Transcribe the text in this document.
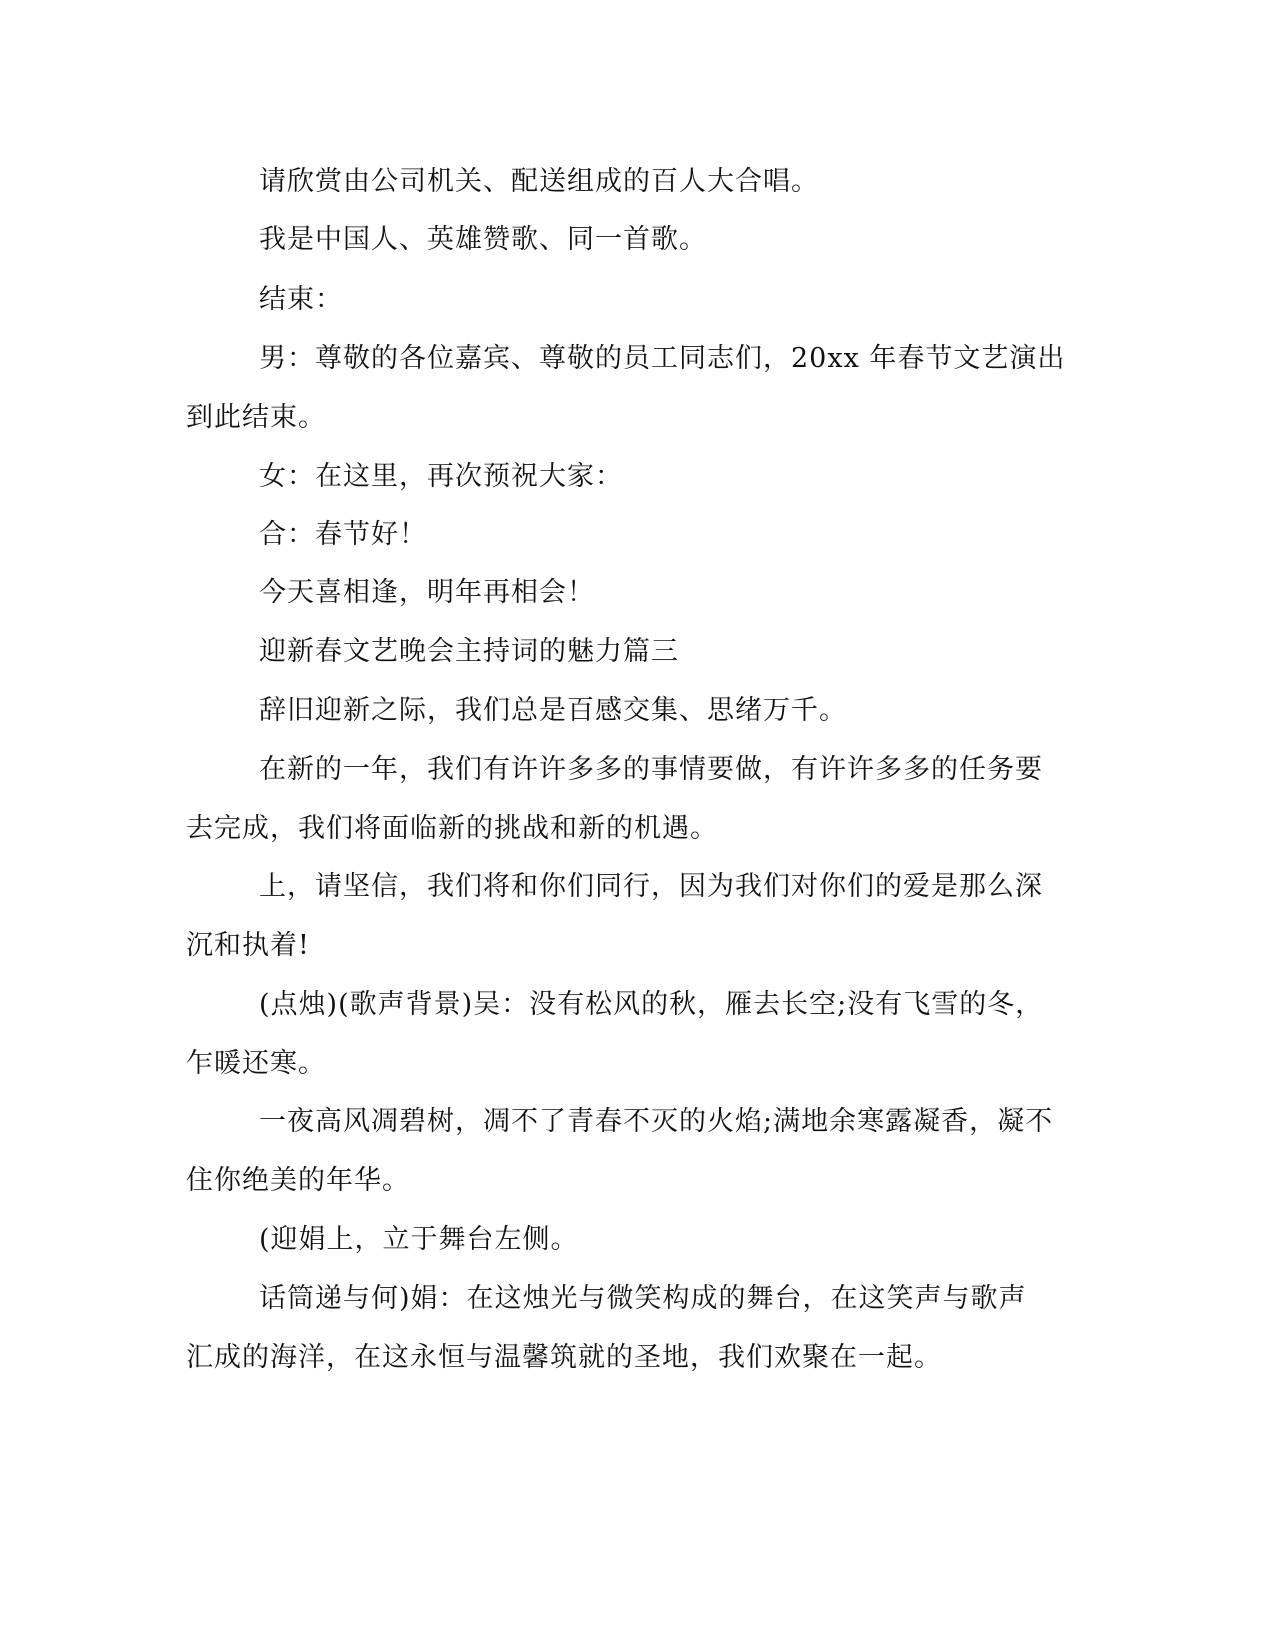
请欣赏由公司机关、配送组成的百人大合唱。
我是中国人、英雄赞歌、同一首歌。
结束：
男：尊敬的各位嘉宾、尊敬的员工同志们，20xx 年春节文艺演出
到此结束。
女：在这里，再次预祝大家：
合：春节好！
今天喜相逢，明年再相会！
迎新春文艺晚会主持词的魅力篇三
辞旧迎新之际，我们总是百感交集、思绪万千。
在新的一年，我们有许许多多的事情要做，有许许多多的任务要
去完成，我们将面临新的挑战和新的机遇。
上，请坚信，我们将和你们同行，因为我们对你们的爱是那么深
沉和执着!
(点烛)(歌声背景)吴：没有松风的秋，雁去长空;没有飞雪的冬，
乍暖还寒。
一夜高风凋碧树，凋不了青春不灭的火焰;满地余寒露凝香，凝不
住你绝美的年华。
(迎娟上，立于舞台左侧。
话筒递与何)娟：在这烛光与微笑构成的舞台，在这笑声与歌声
汇成的海洋，在这永恒与温馨筑就的圣地，我们欢聚在一起。
